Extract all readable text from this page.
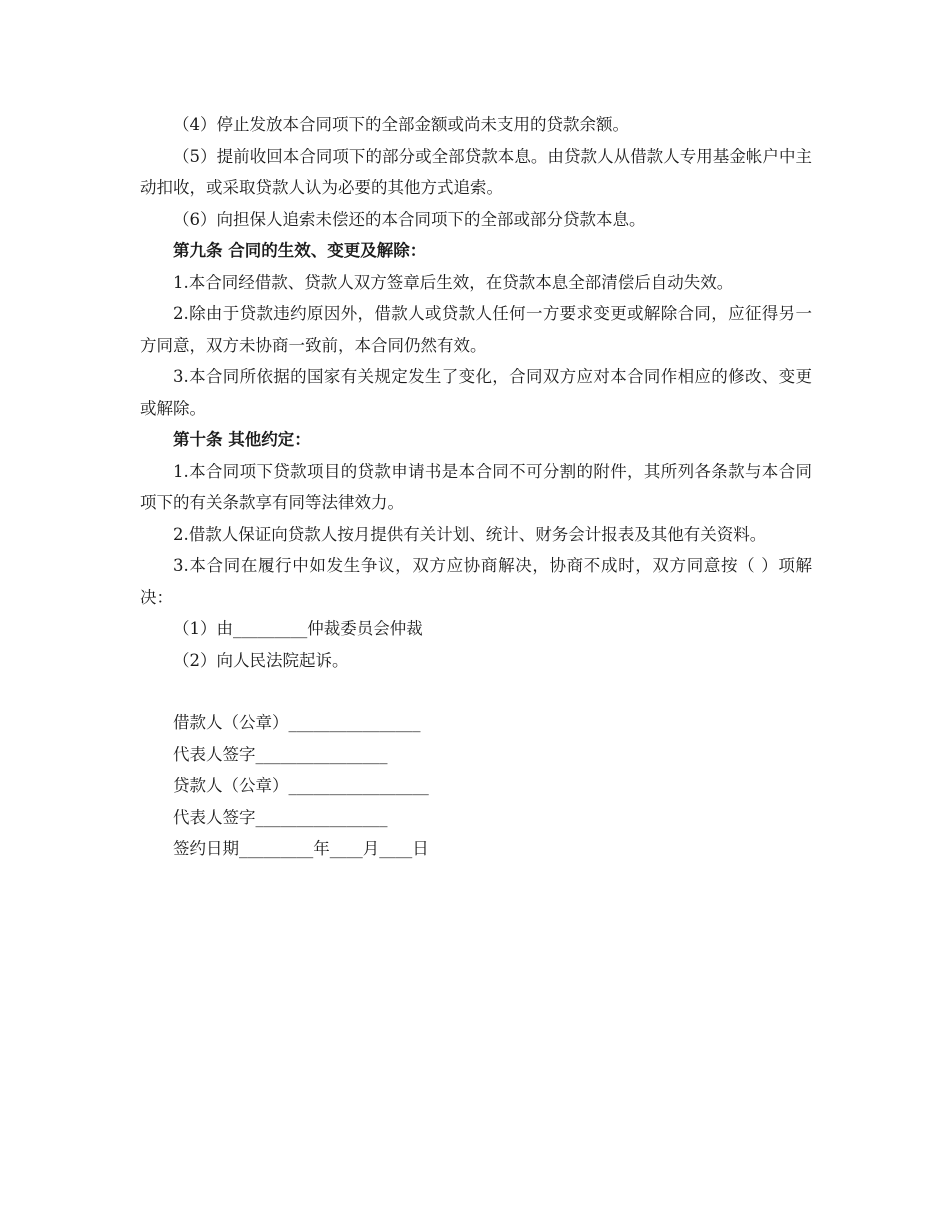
（4）停止发放本合同项下的全部金额或尚未支用的贷款余额。

（5）提前收回本合同项下的部分或全部贷款本息。由贷款人从借款人专用基金帐户中主动扣收，或采取贷款人认为必要的其他方式追索。

（6）向担保人追索未偿还的本合同项下的全部或部分贷款本息。

第九条 合同的生效、变更及解除：

1.本合同经借款、贷款人双方签章后生效，在贷款本息全部清偿后自动失效。

2.除由于贷款违约原因外，借款人或贷款人任何一方要求变更或解除合同，应征得另一方同意，双方未协商一致前，本合同仍然有效。

3.本合同所依据的国家有关规定发生了变化，合同双方应对本合同作相应的修改、变更或解除。

第十条 其他约定：

1.本合同项下贷款项目的贷款申请书是本合同不可分割的附件，其所列各条款与本合同项下的有关条款享有同等法律效力。

2.借款人保证向贷款人按月提供有关计划、统计、财务会计报表及其他有关资料。

3.本合同在履行中如发生争议，双方应协商解决，协商不成时，双方同意按（ ）项解决：

（1）由_________仲裁委员会仲裁

（2）向人民法院起诉。

借款人（公章）________________

代表人签字________________

贷款人（公章）_________________

代表人签字________________

签约日期_________年____月____日
